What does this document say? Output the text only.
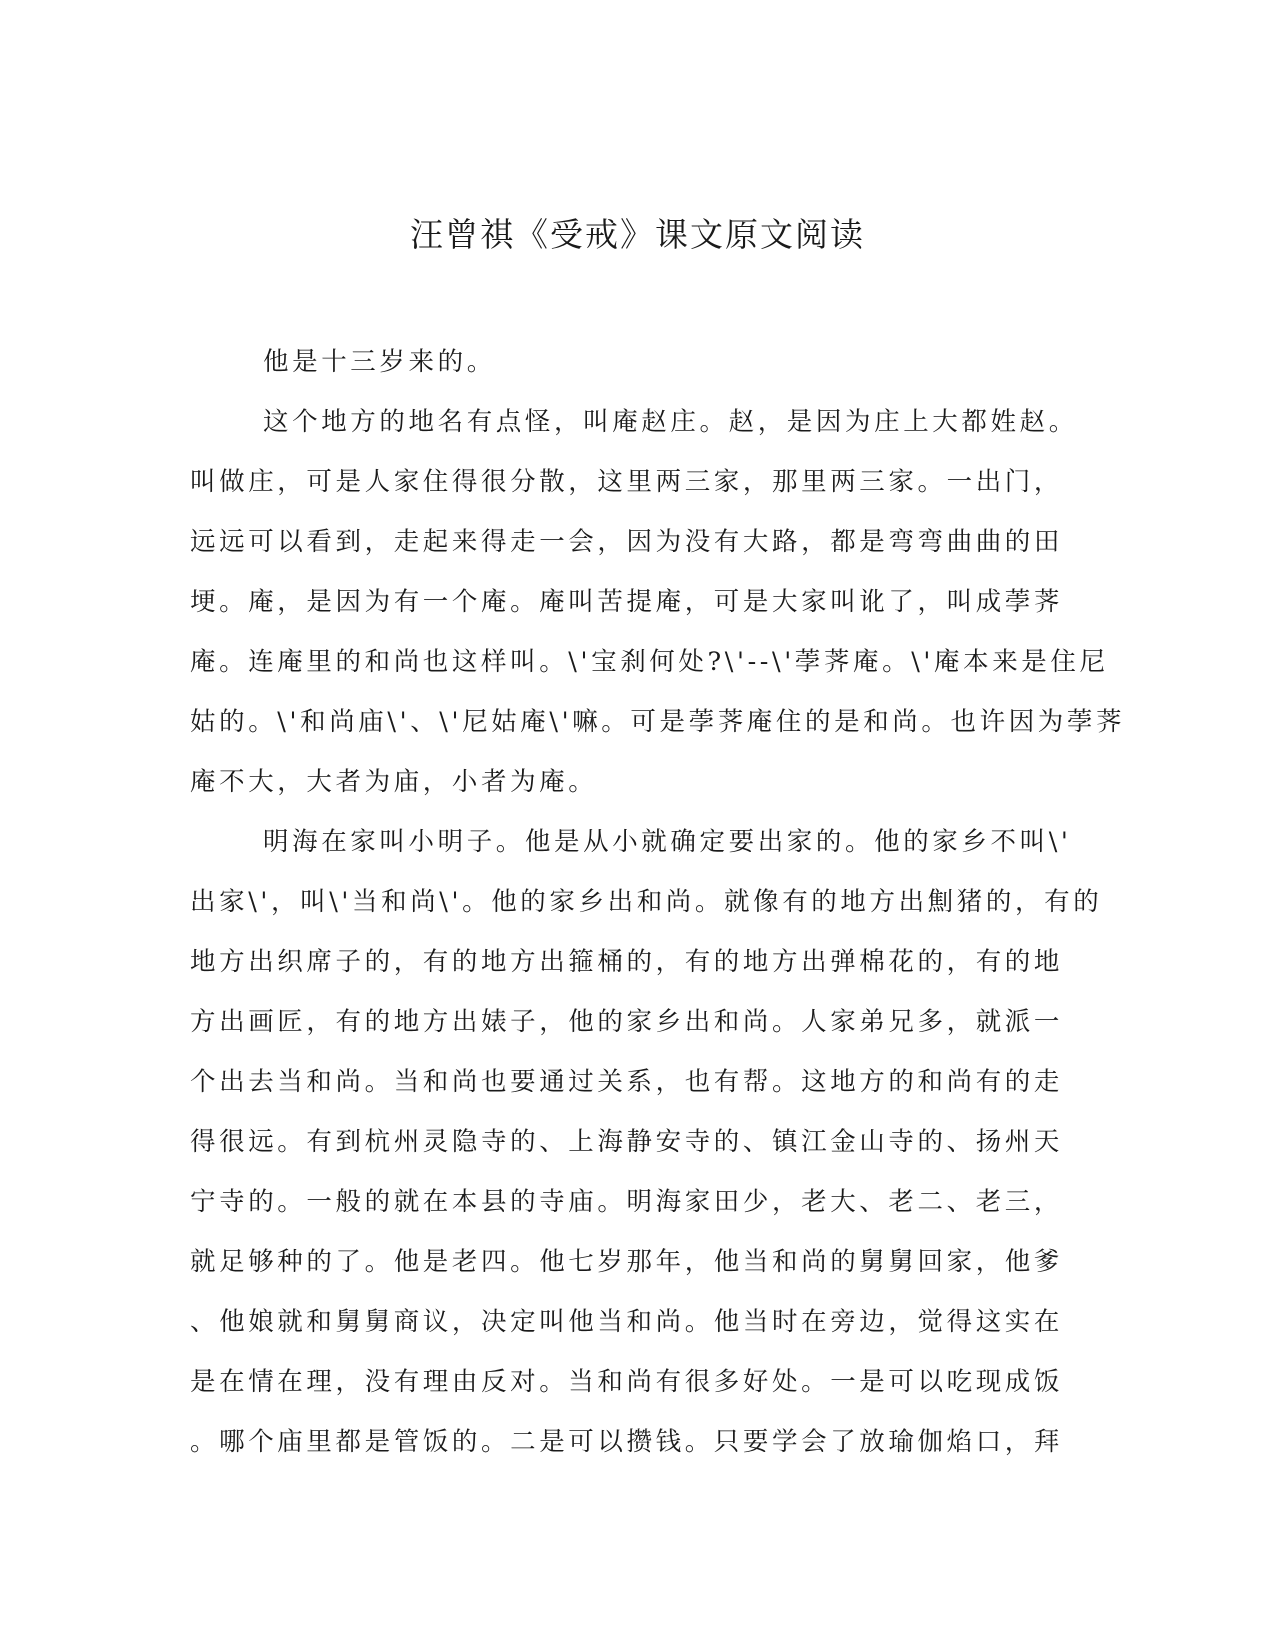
汪曾祺《受戒》课文原文阅读
他是十三岁来的。
这个地方的地名有点怪，叫庵赵庄。赵，是因为庄上大都姓赵。
叫做庄，可是人家住得很分散，这里两三家，那里两三家。一出门，
远远可以看到，走起来得走一会，因为没有大路，都是弯弯曲曲的田
埂。庵，是因为有一个庵。庵叫苦提庵，可是大家叫讹了，叫成荸荠
庵。连庵里的和尚也这样叫。\'宝刹何处?\'--\'荸荠庵。\'庵本来是住尼
姑的。\'和尚庙\'、\'尼姑庵\'嘛。可是荸荠庵住的是和尚。也许因为荸荠
庵不大，大者为庙，小者为庵。
明海在家叫小明子。他是从小就确定要出家的。他的家乡不叫\'
出家\'，叫\'当和尚\'。他的家乡出和尚。就像有的地方出劁猪的，有的
地方出织席子的，有的地方出箍桶的，有的地方出弹棉花的，有的地
方出画匠，有的地方出婊子，他的家乡出和尚。人家弟兄多，就派一
个出去当和尚。当和尚也要通过关系，也有帮。这地方的和尚有的走
得很远。有到杭州灵隐寺的、上海静安寺的、镇江金山寺的、扬州天
宁寺的。一般的就在本县的寺庙。明海家田少，老大、老二、老三，
就足够种的了。他是老四。他七岁那年，他当和尚的舅舅回家，他爹
、他娘就和舅舅商议，决定叫他当和尚。他当时在旁边，觉得这实在
是在情在理，没有理由反对。当和尚有很多好处。一是可以吃现成饭
。哪个庙里都是管饭的。二是可以攒钱。只要学会了放瑜伽焰口，拜
